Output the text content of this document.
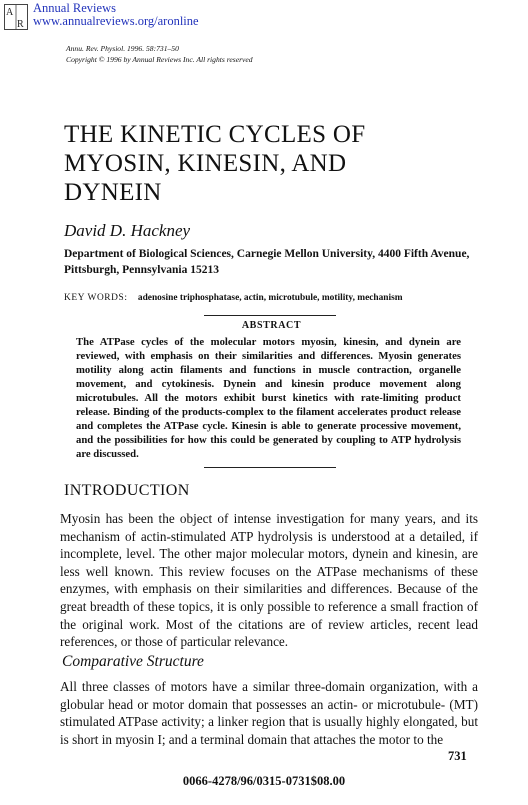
A
R
Annual Reviews
www.annualreviews.org/aronline
Annu. Rev. Physiol. 1996. 58:731–50
Copyright © 1996 by Annual Reviews Inc. All rights reserved
THE KINETIC CYCLES OF
MYOSIN, KINESIN, AND
DYNEIN
David D. Hackney
Department of Biological Sciences, Carnegie Mellon University, 4400 Fifth Avenue, Pittsburgh, Pennsylvania 15213
KEY WORDS: adenosine triphosphatase, actin, microtubule, motility, mechanism
ABSTRACT
The ATPase cycles of the molecular motors myosin, kinesin, and dynein are reviewed, with emphasis on their similarities and differences. Myosin generates motility along actin filaments and functions in muscle contraction, organelle movement, and cytokinesis. Dynein and kinesin produce movement along microtubules. All the motors exhibit burst kinetics with rate-limiting product release. Binding of the products-complex to the filament accelerates product release and completes the ATPase cycle. Kinesin is able to generate processive movement, and the possibilities for how this could be generated by coupling to ATP hydrolysis are discussed.
INTRODUCTION
Myosin has been the object of intense investigation for many years, and its mechanism of actin-stimulated ATP hydrolysis is understood at a detailed, if incomplete, level. The other major molecular motors, dynein and kinesin, are less well known. This review focuses on the ATPase mechanisms of these enzymes, with emphasis on their similarities and differences. Because of the great breadth of these topics, it is only possible to reference a small fraction of the original work. Most of the citations are of review articles, recent lead references, or those of particular relevance.
Comparative Structure
All three classes of motors have a similar three-domain organization, with a globular head or motor domain that possesses an actin- or microtubule- (MT) stimulated ATPase activity; a linker region that is usually highly elongated, but is short in myosin I; and a terminal domain that attaches the motor to the
731
0066-4278/96/0315-0731$08.00
